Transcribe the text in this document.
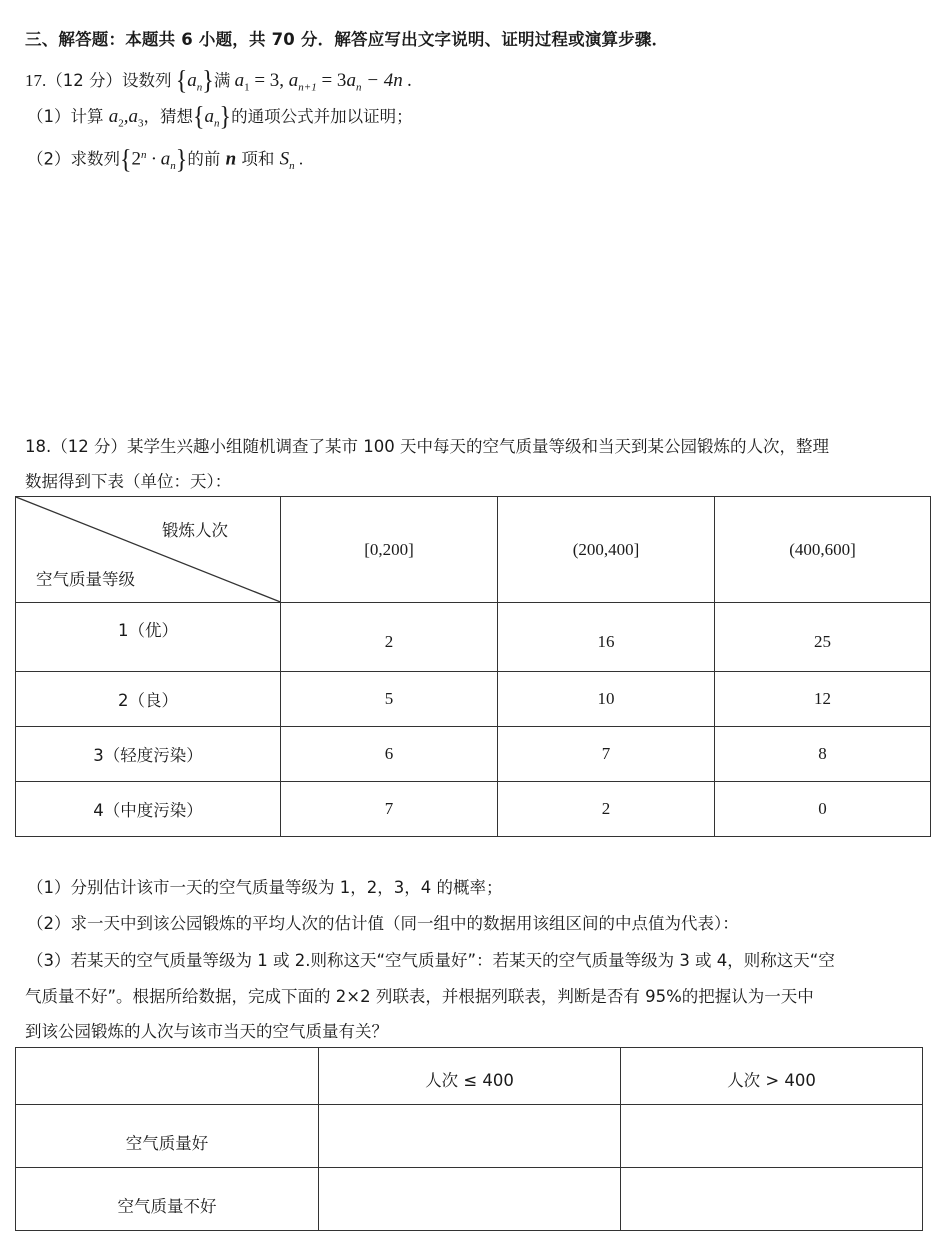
三、解答题：本题共 6 小题，共 70 分．解答应写出文字说明、证明过程或演算步骤．
17.（12 分）设数列 $\{a_n\}$满 $a_1 = 3$, $a_{n+1} = 3a_n - 4n$ .
（1）计算 $a_2,a_3$，猜想$\{a_n\}$的通项公式并加以证明；
（2）求数列$\{2^n \cdot a_n\}$的前 n 项和 $S_n$ .
18.（12 分）某学生兴趣小组随机调查了某市 100 天中每天的空气质量等级和当天到某公园锻炼的人次，整理
数据得到下表（单位：天）：
锻炼人次
空气质量等级	[0,200]	(200,400]	(400,600]
1（优）	2	16	25
2（良）	5	10	12
3（轻度污染）	6	7	8
4（中度污染）	7	2	0
（1）分别估计该市一天的空气质量等级为 1，2，3，4 的概率；
（2）求一天中到该公园锻炼的平均人次的估计值（同一组中的数据用该组区间的中点值为代表）：
（3）若某天的空气质量等级为 1 或 2.则称这天“空气质量好”：若某天的空气质量等级为 3 或 4，则称这天“空
气质量不好”。根据所给数据，完成下面的 2×2 列联表，并根据列联表，判断是否有 95%的把握认为一天中
到该公园锻炼的人次与该市当天的空气质量有关？
	人次 ≤ 400	人次 > 400
空气质量好		
空气质量不好		
